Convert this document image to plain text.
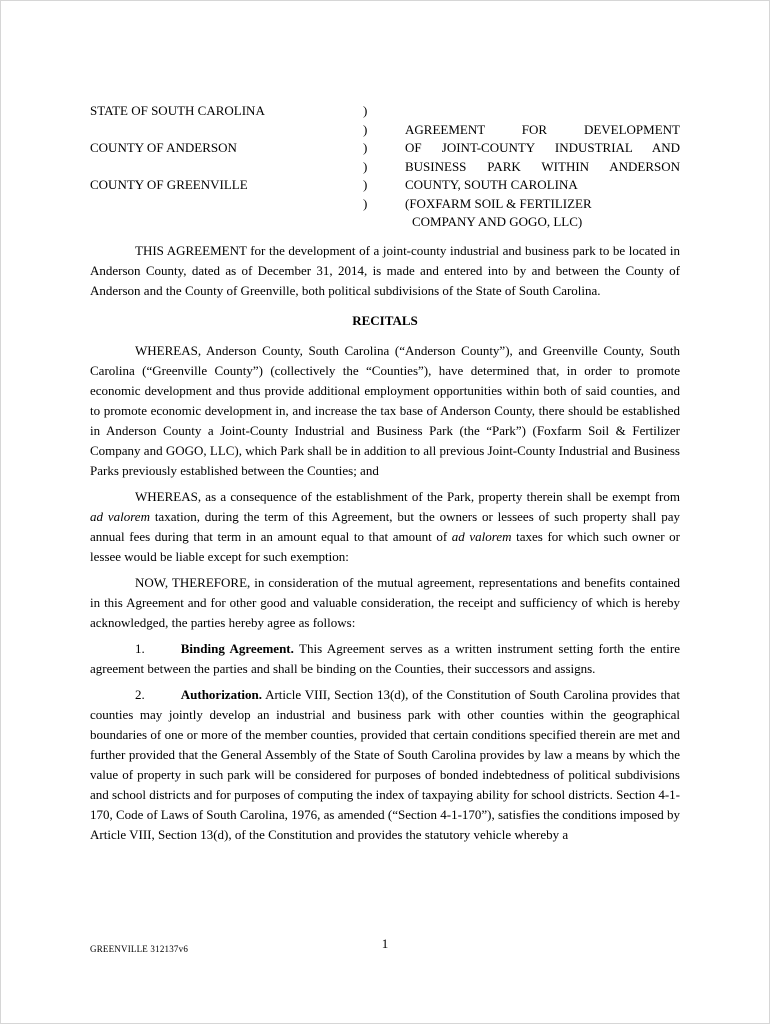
STATE OF SOUTH CAROLINA	)
)	AGREEMENT FOR DEVELOPMENT
COUNTY OF ANDERSON	)	OF JOINT-COUNTY INDUSTRIAL AND
)	BUSINESS PARK WITHIN ANDERSON
COUNTY OF GREENVILLE	)	COUNTY, SOUTH CAROLINA
)	(FOXFARM SOIL & FERTILIZER
COMPANY AND GOGO, LLC)

THIS AGREEMENT for the development of a joint-county industrial and business park to be located in Anderson County, dated as of December 31, 2014, is made and entered into by and between the County of Anderson and the County of Greenville, both political subdivisions of the State of South Carolina.

RECITALS

WHEREAS, Anderson County, South Carolina (“Anderson County”), and Greenville County, South Carolina (“Greenville County”) (collectively the “Counties”), have determined that, in order to promote economic development and thus provide additional employment opportunities within both of said counties, and to promote economic development in, and increase the tax base of Anderson County, there should be established in Anderson County a Joint-County Industrial and Business Park (the “Park”) (Foxfarm Soil & Fertilizer Company and GOGO, LLC), which Park shall be in addition to all previous Joint-County Industrial and Business Parks previously established between the Counties; and

WHEREAS, as a consequence of the establishment of the Park, property therein shall be exempt from ad valorem taxation, during the term of this Agreement, but the owners or lessees of such property shall pay annual fees during that term in an amount equal to that amount of ad valorem taxes for which such owner or lessee would be liable except for such exemption:

NOW, THEREFORE, in consideration of the mutual agreement, representations and benefits contained in this Agreement and for other good and valuable consideration, the receipt and sufficiency of which is hereby acknowledged, the parties hereby agree as follows:

1.	Binding Agreement. This Agreement serves as a written instrument setting forth the entire agreement between the parties and shall be binding on the Counties, their successors and assigns.

2.	Authorization. Article VIII, Section 13(d), of the Constitution of South Carolina provides that counties may jointly develop an industrial and business park with other counties within the geographical boundaries of one or more of the member counties, provided that certain conditions specified therein are met and further provided that the General Assembly of the State of South Carolina provides by law a means by which the value of property in such park will be considered for purposes of bonded indebtedness of political subdivisions and school districts and for purposes of computing the index of taxpaying ability for school districts. Section 4-1-170, Code of Laws of South Carolina, 1976, as amended (“Section 4-1-170”), satisfies the conditions imposed by Article VIII, Section 13(d), of the Constitution and provides the statutory vehicle whereby a

GREENVILLE 312137v6	1
